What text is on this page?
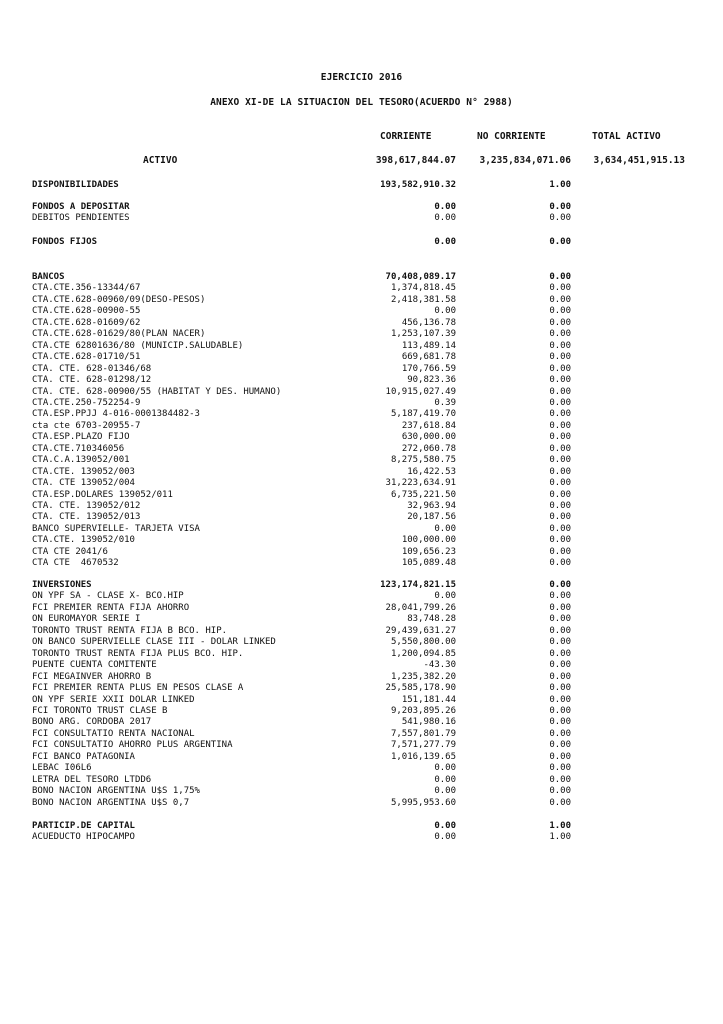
EJERCICIO 2016
ANEXO XI-DE LA SITUACION DEL TESORO(ACUERDO N° 2988)
CORRIENTE	NO CORRIENTE	TOTAL ACTIVO
ACTIVO	398,617,844.07 3,235,834,071.06 3,634,451,915.13
DISPONIBILIDADES	193,582,910.32	1.00
FONDOS A DEPOSITAR	0.00	0.00
DEBITOS PENDIENTES	0.00	0.00
FONDOS FIJOS	0.00	0.00
BANCOS	70,408,089.17	0.00
CTA.CTE.356-13344/67	1,374,818.45	0.00
CTA.CTE.628-00960/09(DESO-PESOS)	2,418,381.58	0.00
CTA.CTE.628-00900-55	0.00	0.00
CTA.CTE.628-01609/62	456,136.78	0.00
CTA.CTE.628-01629/80(PLAN NACER)	1,253,107.39	0.00
CTA.CTE 62801636/80 (MUNICIP.SALUDABLE)	113,489.14	0.00
CTA.CTE.628-01710/51	669,681.78	0.00
CTA. CTE. 628-01346/68	170,766.59	0.00
CTA. CTE. 628-01298/12	90,823.36	0.00
CTA. CTE. 628-00900/55 (HABITAT Y DES. HUMANO)	10,915,027.49	0.00
CTA.CTE.250-752254-9	0.39	0.00
CTA.ESP.PPJJ 4-016-0001384482-3	5,187,419.70	0.00
cta cte 6703-20955-7	237,618.84	0.00
CTA.ESP.PLAZO FIJO	630,000.00	0.00
CTA.CTE.710346056	272,060.78	0.00
CTA.C.A.139052/001	8,275,580.75	0.00
CTA.CTE. 139052/003	16,422.53	0.00
CTA. CTE 139052/004	31,223,634.91	0.00
CTA.ESP.DOLARES 139052/011	6,735,221.50	0.00
CTA. CTE. 139052/012	32,963.94	0.00
CTA. CTE. 139052/013	20,187.56	0.00
BANCO SUPERVIELLE- TARJETA VISA	0.00	0.00
CTA.CTE. 139052/010	100,000.00	0.00
CTA CTE 2041/6	109,656.23	0.00
CTA CTE  4670532	105,089.48	0.00
INVERSIONES	123,174,821.15	0.00
ON YPF SA - CLASE X- BCO.HIP	0.00	0.00
FCI PREMIER RENTA FIJA AHORRO	28,041,799.26	0.00
ON EUROMAYOR SERIE I	83,748.28	0.00
TORONTO TRUST RENTA FIJA B BCO. HIP.	29,439,631.27	0.00
ON BANCO SUPERVIELLE CLASE III - DOLAR LINKED	5,550,800.00	0.00
TORONTO TRUST RENTA FIJA PLUS BCO. HIP.	1,200,094.85	0.00
PUENTE CUENTA COMITENTE	-43.30	0.00
FCI MEGAINVER AHORRO B	1,235,382.20	0.00
FCI PREMIER RENTA PLUS EN PESOS CLASE A	25,585,178.90	0.00
ON YPF SERIE XXII DOLAR LINKED	151,181.44	0.00
FCI TORONTO TRUST CLASE B	9,203,895.26	0.00
BONO ARG. CORDOBA 2017	541,980.16	0.00
FCI CONSULTATIO RENTA NACIONAL	7,557,801.79	0.00
FCI CONSULTATIO AHORRO PLUS ARGENTINA	7,571,277.79	0.00
FCI BANCO PATAGONIA	1,016,139.65	0.00
LEBAC I06L6	0.00	0.00
LETRA DEL TESORO LTDD6	0.00	0.00
BONO NACION ARGENTINA U$S 1,75%	0.00	0.00
BONO NACION ARGENTINA U$S 0,7	5,995,953.60	0.00
PARTICIP.DE CAPITAL	0.00	1.00
ACUEDUCTO HIPOCAMPO	0.00	1.00
